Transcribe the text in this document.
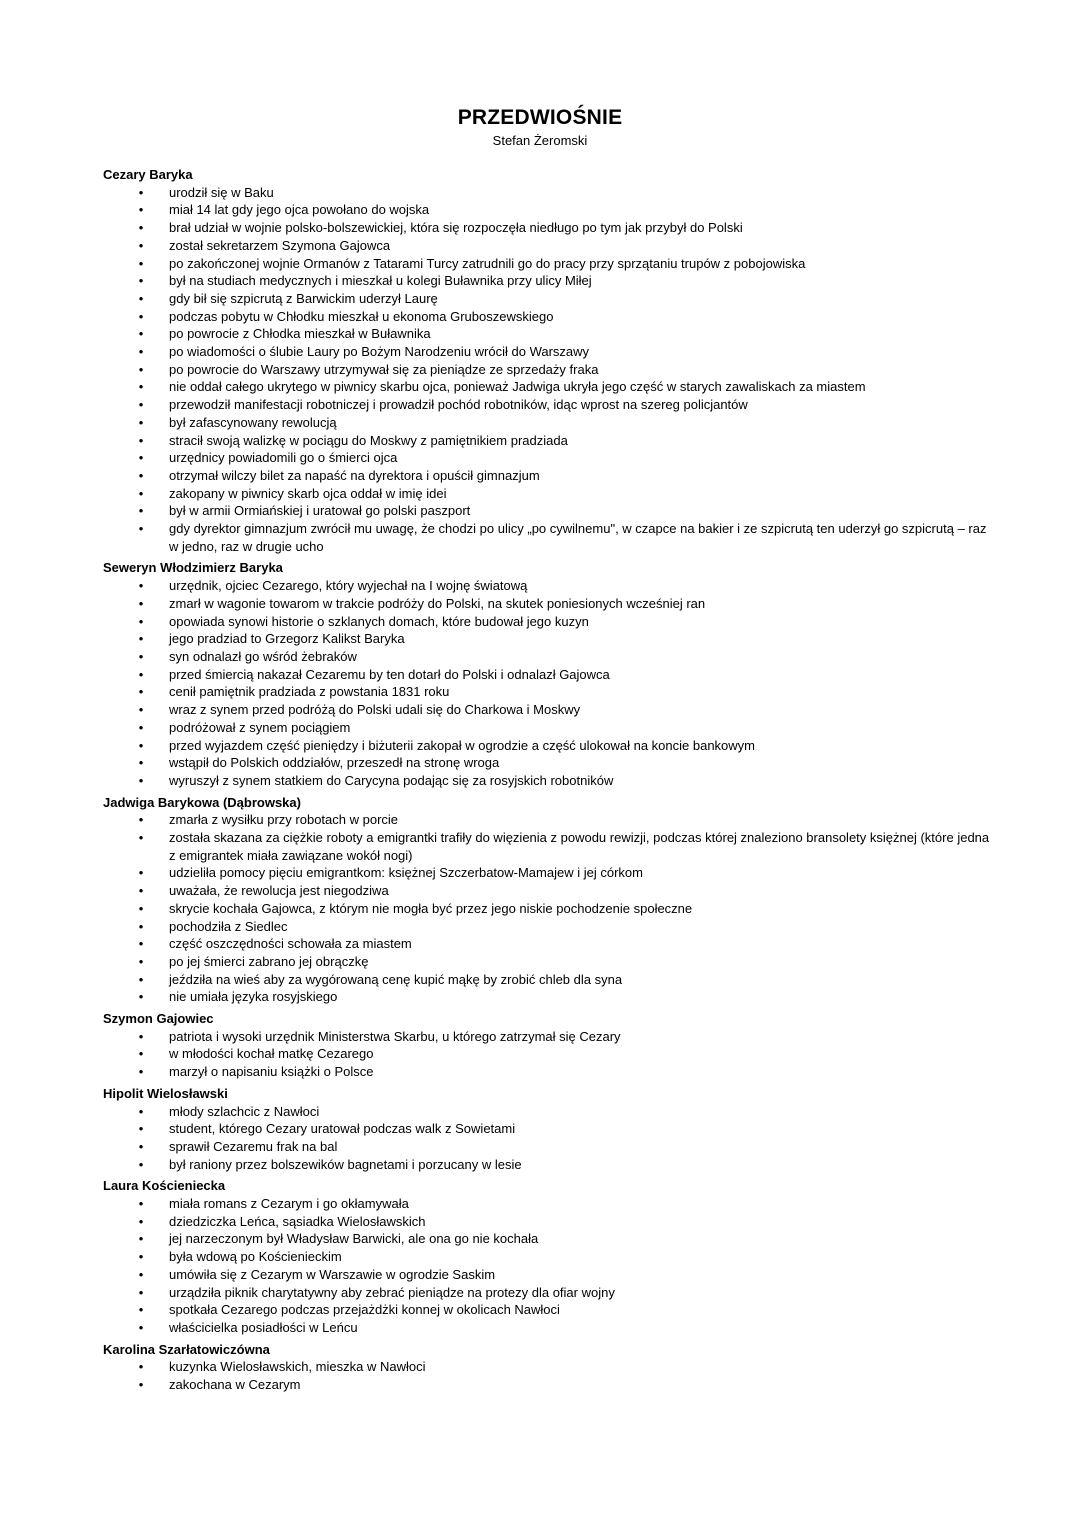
PRZEDWIOŚNIE
Stefan Żeromski
Cezary Baryka
• urodził się w Baku
• miał 14 lat gdy jego ojca powołano do wojska
• brał udział w wojnie polsko-bolszewickiej, która się rozpoczęła niedługo po tym jak przybył do Polski
• został sekretarzem Szymona Gajowca
• po zakończonej wojnie Ormanów z Tatarami Turcy zatrudnili go do pracy przy sprzątaniu trupów z pobojowiska
• był na studiach medycznych i mieszkał u kolegi Buławnika przy ulicy Miłej
• gdy bił się szpicrutą z Barwickim uderzył Laurę
• podczas pobytu w Chłodku mieszkał u ekonoma Gruboszewskiego
• po powrocie z Chłodka mieszkał w Buławnika
• po wiadomości o ślubie Laury po Bożym Narodzeniu wrócił do Warszawy
• po powrocie do Warszawy utrzymywał się za pieniądze ze sprzedaży fraka
• nie oddał całego ukrytego w piwnicy skarbu ojca, ponieważ Jadwiga ukryła jego część w starych zawaliskach za miastem
• przewodził manifestacji robotniczej i prowadził pochód robotników, idąc wprost na szereg policjantów
• był zafascynowany rewolucją
• stracił swoją walizkę w pociągu do Moskwy z pamiętnikiem pradziada
• urzędnicy powiadomili go o śmierci ojca
• otrzymał wilczy bilet za napaść na dyrektora i opuścił gimnazjum
• zakopany w piwnicy skarb ojca oddał w imię idei
• był w armii Ormiańskiej i uratował go polski paszport
• gdy dyrektor gimnazjum zwrócił mu uwagę, że chodzi po ulicy „po cywilnemu", w czapce na bakier i ze szpicrutą ten uderzył go szpicrutą – raz w jedno, raz w drugie ucho
Seweryn Włodzimierz Baryka
• urzędnik, ojciec Cezarego, który wyjechał na I wojnę światową
• zmarł w wagonie towarom w trakcie podróży do Polski, na skutek poniesionych wcześniej ran
• opowiada synowi historie o szklanych domach, które budował jego kuzyn
• jego pradziad to Grzegorz Kalikst Baryka
• syn odnalazł go wśród żebraków
• przed śmiercią nakazał Cezaremu by ten dotarł do Polski i odnalazł Gajowca
• cenił pamiętnik pradziada z powstania 1831 roku
• wraz z synem przed podróżą do Polski udali się do Charkowa i Moskwy
• podróżował z synem pociągiem
• przed wyjazdem część pieniędzy i biżuterii zakopał w ogrodzie a część ulokował na koncie bankowym
• wstąpił do Polskich oddziałów, przeszedł na stronę wroga
• wyruszył z synem statkiem do Carycyna podając się za rosyjskich robotników
Jadwiga Barykowa (Dąbrowska)
• zmarła z wysiłku przy robotach w porcie
• została skazana za ciężkie roboty a emigrantki trafiły do więzienia z powodu rewizji, podczas której znaleziono bransolety księżnej (które jedna z emigrantek miała zawiązane wokół nogi)
• udzieliła pomocy pięciu emigrantkom: księżnej Szczerbatow-Mamajew i jej córkom
• uważała, że rewolucja jest niegodziwa
• skrycie kochała Gajowca, z którym nie mogła być przez jego niskie pochodzenie społeczne
• pochodziła z Siedlec
• część oszczędności schowała za miastem
• po jej śmierci zabrano jej obrączkę
• jeździła na wieś aby za wygórowaną cenę kupić mąkę by zrobić chleb dla syna
• nie umiała języka rosyjskiego
Szymon Gajowiec
• patriota i wysoki urzędnik Ministerstwa Skarbu, u którego zatrzymał się Cezary
• w młodości kochał matkę Cezarego
• marzył o napisaniu książki o Polsce
Hipolit Wielosławski
• młody szlachcic z Nawłoci
• student, którego Cezary uratował podczas walk z Sowietami
• sprawił Cezaremu frak na bal
• był raniony przez bolszewików bagnetami i porzucany w lesie
Laura Kościeniecka
• miała romans z Cezarym i go okłamywała
• dziedziczka Leńca, sąsiadka Wielosławskich
• jej narzeczonym był Władysław Barwicki, ale ona go nie kochała
• była wdową po Kościenieckim
• umówiła się z Cezarym w Warszawie w ogrodzie Saskim
• urządziła piknik charytatywny aby zebrać pieniądze na protezy dla ofiar wojny
• spotkała Cezarego podczas przejażdżki konnej w okolicach Nawłoci
• właścicielka posiadłości w Leńcu
Karolina Szarłatowiczówna
• kuzynka Wielosławskich, mieszka w Nawłoci
• zakochana w Cezarym
